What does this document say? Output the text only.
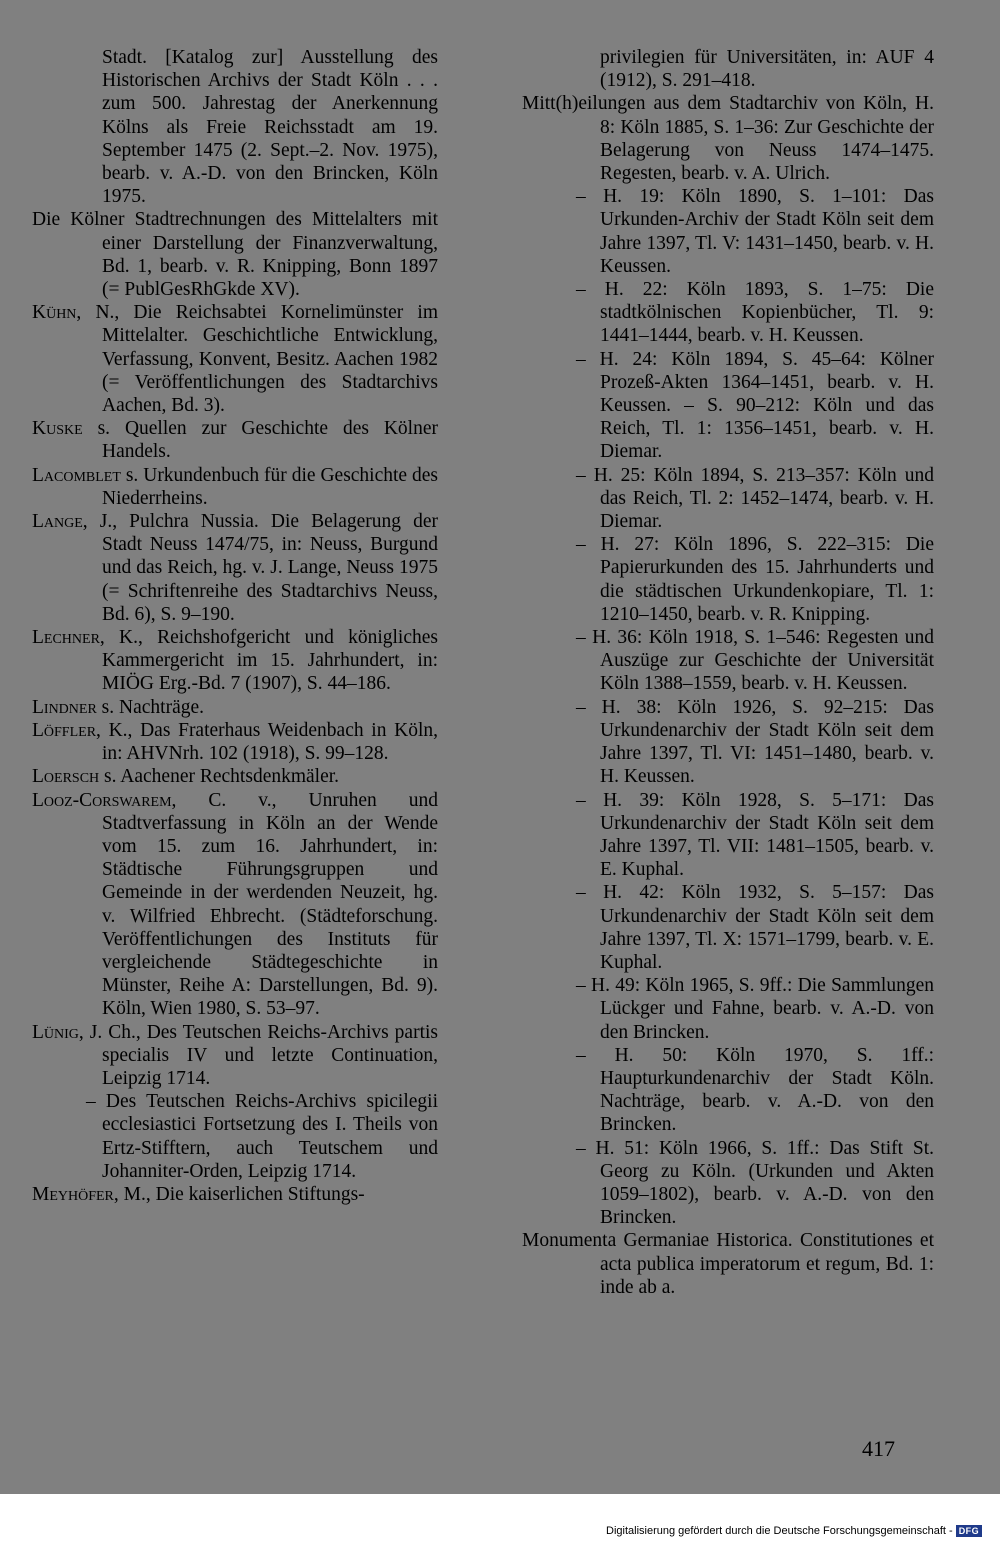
Stadt. [Katalog zur] Ausstellung des Historischen Archivs der Stadt Köln . . . zum 500. Jahrestag der Anerkennung Kölns als Freie Reichsstadt am 19. September 1475 (2. Sept.–2. Nov. 1975), bearb. v. A.-D. von den Brincken, Köln 1975.

Die Kölner Stadtrechnungen des Mittelalters mit einer Darstellung der Finanzverwaltung, Bd. 1, bearb. v. R. Knipping, Bonn 1897 (= PublGesRhGkde XV).

Kühn, N., Die Reichsabtei Kornelimünster im Mittelalter. Geschichtliche Entwicklung, Verfassung, Konvent, Besitz. Aachen 1982 (= Veröffentlichungen des Stadtarchivs Aachen, Bd. 3).

Kuske s. Quellen zur Geschichte des Kölner Handels.

Lacomblet s. Urkundenbuch für die Geschichte des Niederrheins.

Lange, J., Pulchra Nussia. Die Belagerung der Stadt Neuss 1474/75, in: Neuss, Burgund und das Reich, hg. v. J. Lange, Neuss 1975 (= Schriftenreihe des Stadtarchivs Neuss, Bd. 6), S. 9–190.

Lechner, K., Reichshofgericht und königliches Kammergericht im 15. Jahrhundert, in: MIÖG Erg.-Bd. 7 (1907), S. 44–186.

Lindner s. Nachträge.

Löffler, K., Das Fraterhaus Weidenbach in Köln, in: AHVNrh. 102 (1918), S. 99–128.

Loersch s. Aachener Rechtsdenkmäler.

Looz-Corswarem, C. v., Unruhen und Stadtverfassung in Köln an der Wende vom 15. zum 16. Jahrhundert, in: Städtische Führungsgruppen und Gemeinde in der werdenden Neuzeit, hg. v. Wilfried Ehbrecht. (Städteforschung. Veröffentlichungen des Instituts für vergleichende Städtegeschichte in Münster, Reihe A: Darstellungen, Bd. 9). Köln, Wien 1980, S. 53–97.

Lünig, J. Ch., Des Teutschen Reichs-Archivs partis specialis IV und letzte Continuation, Leipzig 1714.

– Des Teutschen Reichs-Archivs spicilegii ecclesiastici Fortsetzung des I. Theils von Ertz-Stifftern, auch Teutschem und Johanniter-Orden, Leipzig 1714.

Meyhöfer, M., Die kaiserlichen Stiftungs-

privilegien für Universitäten, in: AUF 4 (1912), S. 291–418.

Mitt(h)eilungen aus dem Stadtarchiv von Köln, H. 8: Köln 1885, S. 1–36: Zur Geschichte der Belagerung von Neuss 1474–1475. Regesten, bearb. v. A. Ulrich.

– H. 19: Köln 1890, S. 1–101: Das Urkunden-Archiv der Stadt Köln seit dem Jahre 1397, Tl. V: 1431–1450, bearb. v. H. Keussen.

– H. 22: Köln 1893, S. 1–75: Die stadtkölnischen Kopienbücher, Tl. 9: 1441–1444, bearb. v. H. Keussen.

– H. 24: Köln 1894, S. 45–64: Kölner Prozeß-Akten 1364–1451, bearb. v. H. Keussen. – S. 90–212: Köln und das Reich, Tl. 1: 1356–1451, bearb. v. H. Diemar.

– H. 25: Köln 1894, S. 213–357: Köln und das Reich, Tl. 2: 1452–1474, bearb. v. H. Diemar.

– H. 27: Köln 1896, S. 222–315: Die Papierurkunden des 15. Jahrhunderts und die städtischen Urkundenkopiare, Tl. 1: 1210–1450, bearb. v. R. Knipping.

– H. 36: Köln 1918, S. 1–546: Regesten und Auszüge zur Geschichte der Universität Köln 1388–1559, bearb. v. H. Keussen.

– H. 38: Köln 1926, S. 92–215: Das Urkundenarchiv der Stadt Köln seit dem Jahre 1397, Tl. VI: 1451–1480, bearb. v. H. Keussen.

– H. 39: Köln 1928, S. 5–171: Das Urkundenarchiv der Stadt Köln seit dem Jahre 1397, Tl. VII: 1481–1505, bearb. v. E. Kuphal.

– H. 42: Köln 1932, S. 5–157: Das Urkundenarchiv der Stadt Köln seit dem Jahre 1397, Tl. X: 1571–1799, bearb. v. E. Kuphal.

– H. 49: Köln 1965, S. 9ff.: Die Sammlungen Lückger und Fahne, bearb. v. A.-D. von den Brincken.

– H. 50: Köln 1970, S. 1ff.: Haupturkundenarchiv der Stadt Köln. Nachträge, bearb. v. A.-D. von den Brincken.

– H. 51: Köln 1966, S. 1ff.: Das Stift St. Georg zu Köln. (Urkunden und Akten 1059–1802), bearb. v. A.-D. von den Brincken.

Monumenta Germaniae Historica. Constitutiones et acta publica imperatorum et regum, Bd. 1: inde ab a.

417
Digitalisierung gefördert durch die Deutsche Forschungsgemeinschaft - DFG
